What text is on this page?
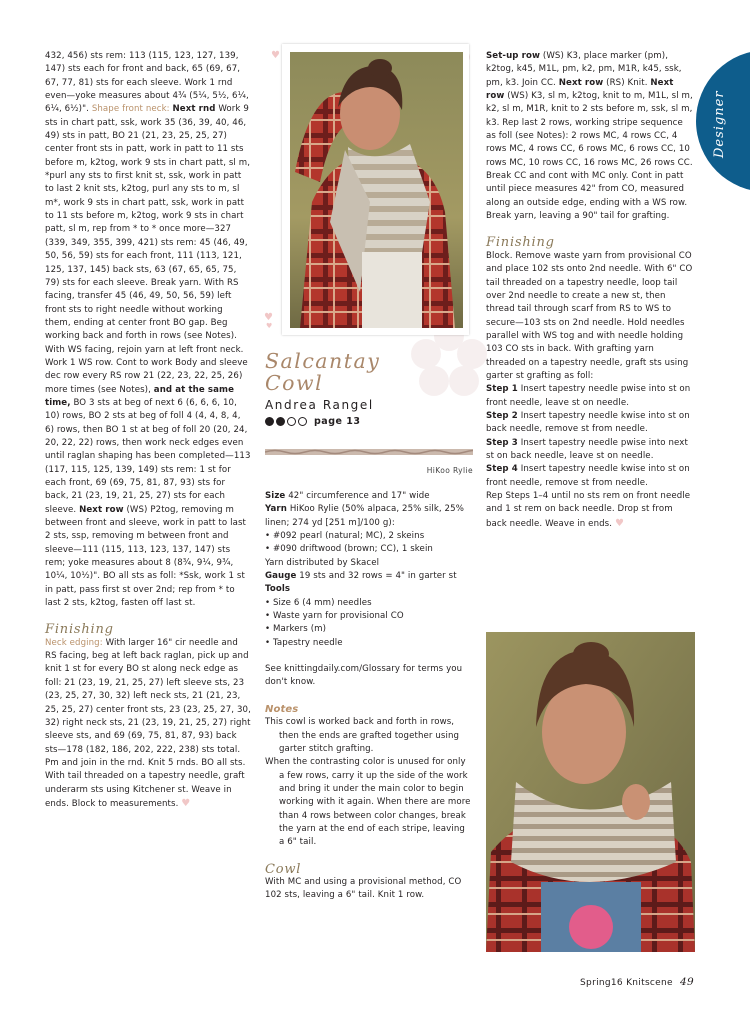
♥
♥
♥

432, 456) sts rem: 113 (115, 123, 127, 139, 147) sts each for front and back, 65 (69, 67, 67, 77, 81) sts for each sleeve. Work 1 rnd even—yoke measures about 4¾ (5¼, 5½, 6¼, 6¼, 6½)". Shape front neck: Next rnd Work 9 sts in chart patt, ssk, work 35 (36, 39, 40, 46, 49) sts in patt, BO 21 (21, 23, 25, 25, 27) center front sts in patt, work in patt to 11 sts before m, k2tog, work 9 sts in chart patt, sl m, *purl any sts to first knit st, ssk, work in patt to last 2 knit sts, k2tog, purl any sts to m, sl m*, work 9 sts in chart patt, ssk, work in patt to 11 sts before m, k2tog, work 9 sts in chart patt, sl m, rep from * to * once more—327 (339, 349, 355, 399, 421) sts rem: 45 (46, 49, 50, 56, 59) sts for each front, 111 (113, 121, 125, 137, 145) back sts, 63 (67, 65, 65, 75, 79) sts for each sleeve. Break yarn. With RS facing, transfer 45 (46, 49, 50, 56, 59) left front sts to right needle without working them, ending at center front BO gap. Beg working back and forth in rows (see Notes). With WS facing, rejoin yarn at left front neck. Work 1 WS row. Cont to work Body and sleeve dec row every RS row 21 (22, 23, 22, 25, 26) more times (see Notes), and at the same time, BO 3 sts at beg of next 6 (6, 6, 6, 10, 10) rows, BO 2 sts at beg of foll 4 (4, 4, 8, 4, 6) rows, then BO 1 st at beg of foll 20 (20, 24, 20, 22, 22) rows, then work neck edges even until raglan shaping has been completed—113 (117, 115, 125, 139, 149) sts rem: 1 st for each front, 69 (69, 75, 81, 87, 93) sts for back, 21 (23, 19, 21, 25, 27) sts for each sleeve. Next row (WS) P2tog, removing m between front and sleeve, work in patt to last 2 sts, ssp, removing m between front and sleeve—111 (115, 113, 123, 137, 147) sts rem; yoke measures about 8 (8¾, 9¼, 9¾, 10¼, 10½)". BO all sts as foll: *Ssk, work 1 st in patt, pass first st over 2nd; rep from * to last 2 sts, k2tog, fasten off last st.

Finishing

Neck edging: With larger 16" cir needle and RS facing, beg at left back raglan, pick up and knit 1 st for every BO st along neck edge as foll: 21 (23, 19, 21, 25, 27) left sleeve sts, 23 (23, 25, 27, 30, 32) left neck sts, 21 (21, 23, 25, 25, 27) center front sts, 23 (23, 25, 27, 30, 32) right neck sts, 21 (23, 19, 21, 25, 27) right sleeve sts, and 69 (69, 75, 81, 87, 93) back sts—178 (182, 186, 202, 222, 238) sts total. Pm and join in the rnd. Knit 5 rnds. BO all sts. With tail threaded on a tapestry needle, graft underarm sts using Kitchener st. Weave in ends. Block to measurements. ♥

Salcantay
Cowl
Andrea Rangel
page 13
HiKoo Rylie

Size 42" circumference and 17" wide

Yarn HiKoo Rylie (50% alpaca, 25% silk, 25% linen; 274 yd [251 m]/100 g):

• #092 pearl (natural; MC), 2 skeins

• #090 driftwood (brown; CC), 1 skein

Yarn distributed by Skacel

Gauge 19 sts and 32 rows = 4" in garter st

Tools

• Size 6 (4 mm) needles

• Waste yarn for provisional CO

• Markers (m)

• Tapestry needle

See knittingdaily.com/Glossary for terms you don't know.

Notes

This cowl is worked back and forth in rows, then the ends are grafted together using garter stitch grafting.

When the contrasting color is unused for only a few rows, carry it up the side of the work and bring it under the main color to begin working with it again. When there are more than 4 rows between color changes, break the yarn at the end of each stripe, leaving a 6" tail.

Cowl

With MC and using a provisional method, CO 102 sts, leaving a 6" tail. Knit 1 row.

Set-up row (WS) K3, place marker (pm), k2tog, k45, M1L, pm, k2, pm, M1R, k45, ssk, pm, k3. Join CC. Next row (RS) Knit. Next row (WS) K3, sl m, k2tog, knit to m, M1L, sl m, k2, sl m, M1R, knit to 2 sts before m, ssk, sl m, k3. Rep last 2 rows, working stripe sequence as foll (see Notes): 2 rows MC, 4 rows CC, 4 rows MC, 4 rows CC, 6 rows MC, 6 rows CC, 10 rows MC, 10 rows CC, 16 rows MC, 26 rows CC. Break CC and cont with MC only. Cont in patt until piece measures 42" from CO, measured along an outside edge, ending with a WS row. Break yarn, leaving a 90" tail for grafting.

Finishing

Block. Remove waste yarn from provisional CO and place 102 sts onto 2nd needle. With 6" CO tail threaded on a tapestry needle, loop tail over 2nd needle to create a new st, then thread tail through scarf from RS to WS to secure—103 sts on 2nd needle. Hold needles parallel with WS tog and with needle holding 103 CO sts in back. With grafting yarn threaded on a tapestry needle, graft sts using garter st grafting as foll:

Step 1 Insert tapestry needle pwise into st on front needle, leave st on needle.

Step 2 Insert tapestry needle kwise into st on back needle, remove st from needle.

Step 3 Insert tapestry needle pwise into next st on back needle, leave st on needle.

Step 4 Insert tapestry needle kwise into st on front needle, remove st from needle.

Rep Steps 1–4 until no sts rem on front needle and 1 st rem on back needle. Drop st from back needle. Weave in ends. ♥

Designer
Spring16 Knitscene 49
